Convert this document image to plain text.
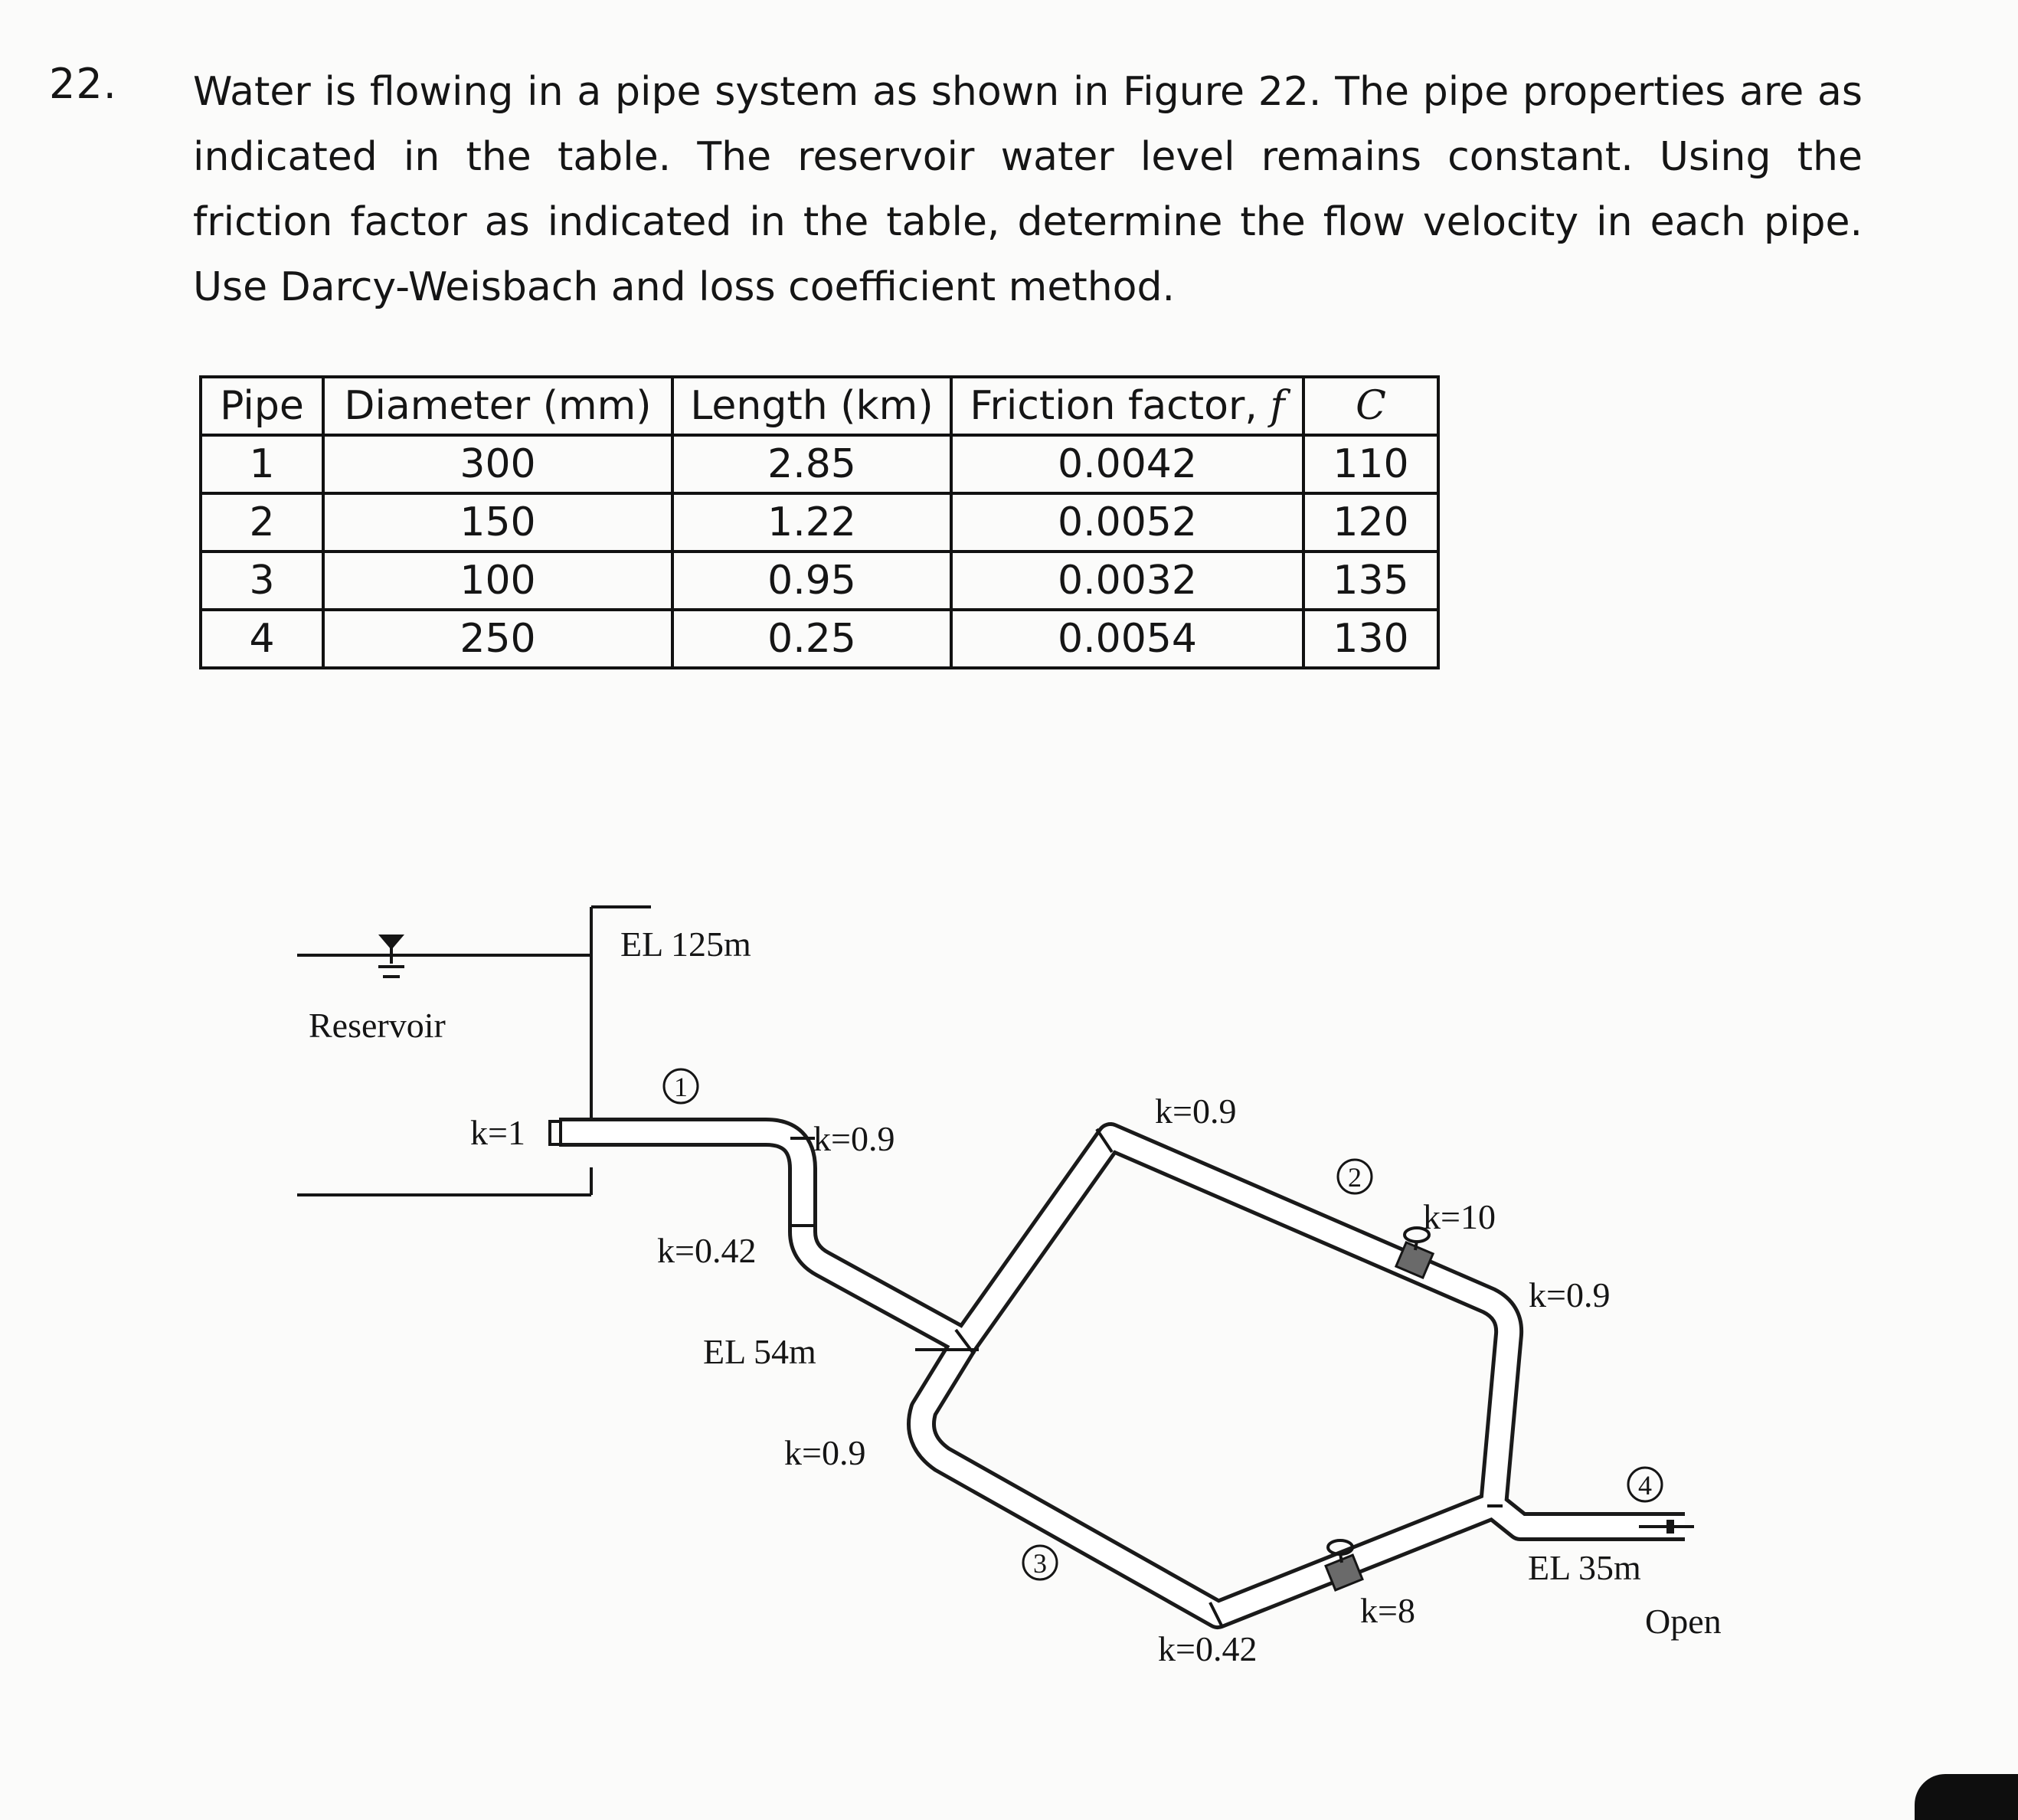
22. Water is flowing in a pipe system as shown in Figure 22. The pipe properties are as indicated in the table. The reservoir water level remains constant. Using the friction factor as indicated in the table, determine the flow velocity in each pipe. Use Darcy-Weisbach and loss coefficient method.

Pipe	Diameter (mm)	Length (km)	Friction factor, f	C
1	300	2.85	0.0042	110
2	150	1.22	0.0052	120
3	100	0.95	0.0032	135
4	250	0.25	0.0054	130
1
2
3
4
Reservoir
EL 125m
EL 54m
EL 35m
Open
k=1	k=0.9
k=0.42
k=0.9
k=10
k=0.9
k=0.9
k=0.42
k=8
